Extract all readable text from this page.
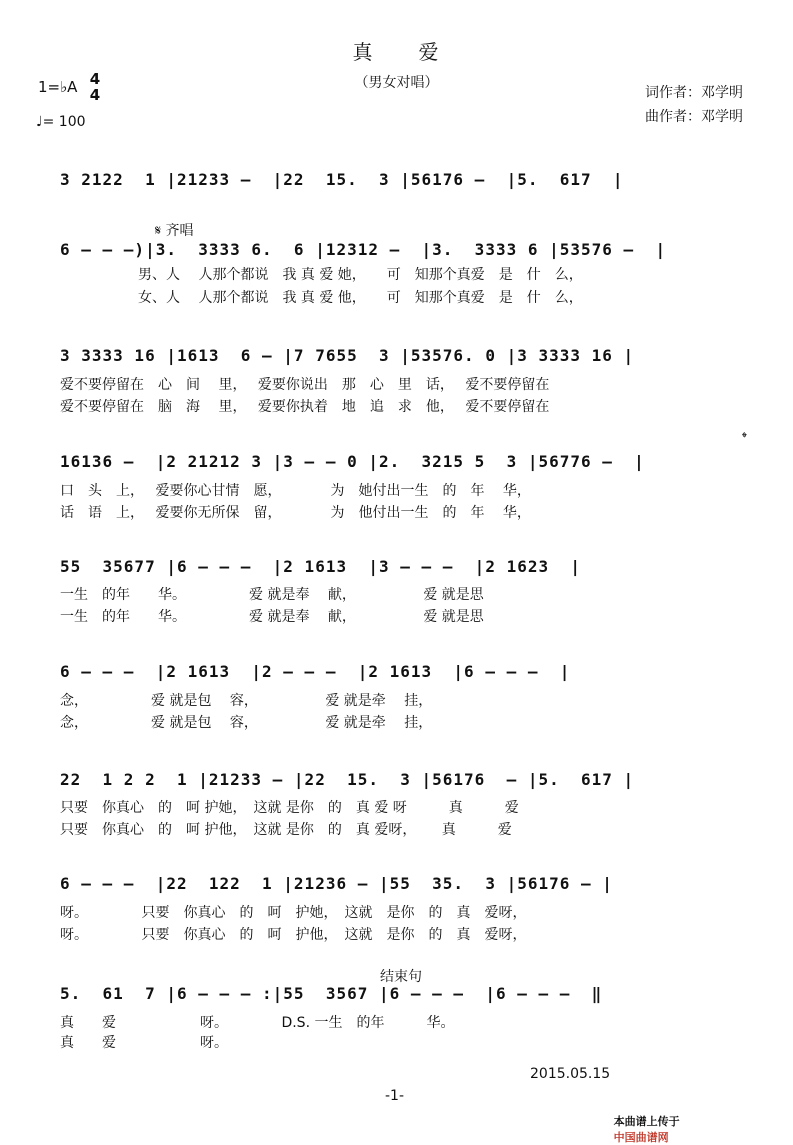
真　　爱
（男女对唱）
词作者：邓学明
曲作者：邓学明
1=♭A 4
4
♩= 100
3 2122  1 |21233 –  |22  15.  3 |56176 –  |5.  617  |
𝄋 齐唱
6 – – –)|3.  3333 6.  6 |12312 –  |3.  3333 6 |53576 –  |
男、人　 人那个都说　我 真 爱 她，　　可　知那个真爱　是　什　么，
女、人　 人那个都说　我 真 爱 他，　　可　知那个真爱　是　什　么，
3 3333 16 |1613  6 – |7 7655  3 |53576. 0 |3 3333 16 |
爱不要停留在　心　间　 里，　 爱要你说出　那　心　里　话，　 爱不要停留在
爱不要停留在　脑　海　 里，　 爱要你执着　地　追　求　他，　 爱不要停留在
𝄌
16136 –  |2 21212 3 |3 – – 0 |2.  3215 5  3 |56776 –  |
口　头　上，　 爱要你心甘情　愿，　　　　为　她付出一生　的　年　 华，
话　语　上，　 爱要你无所保　留，　　　　为　他付出一生　的　年　 华，
55  35677 |6 – – –  |2 1613  |3 – – –  |2 1623  |
一生　的年　　华。　　　　　爱 就是奉　 献，　　　　　 爱 就是思
一生　的年　　华。　　　　　爱 就是奉　 献，　　　　　 爱 就是思
6 – – –  |2 1613  |2 – – –  |2 1613  |6 – – –  |
念，　　　　　爱 就是包　 容，　　　　　 爱 就是牵　 挂，
念，　　　　　爱 就是包　 容，　　　　　 爱 就是牵　 挂，
22  1 2 2  1 |21233 – |22  15.  3 |56176  – |5.  617 |
只要　你真心　的　呵 护她，　这就 是你　的　真 爱 呀　　　真　　　爱
只要　你真心　的　呵 护他，　这就 是你　的　真 爱呀，　　 真　　　爱
6 – – –  |22  122  1 |21236 – |55  35.  3 |56176 – |
呀。　　　　 只要　你真心　的　呵　护她，　这就　是你　的　真　爱呀，
呀。　　　　 只要　你真心　的　呵　护他，　这就　是你　的　真　爱呀，
结束句
5.  61  7 |6 – – – :|55  3567 |6 – – –  |6 – – –  ‖
真　　爱　　　　　　呀。　　　　 D.S. 一生　的年　　　华。
真　　爱　　　　　　呀。
2015.05.15
-1-

本曲谱上传于
中国曲谱网
